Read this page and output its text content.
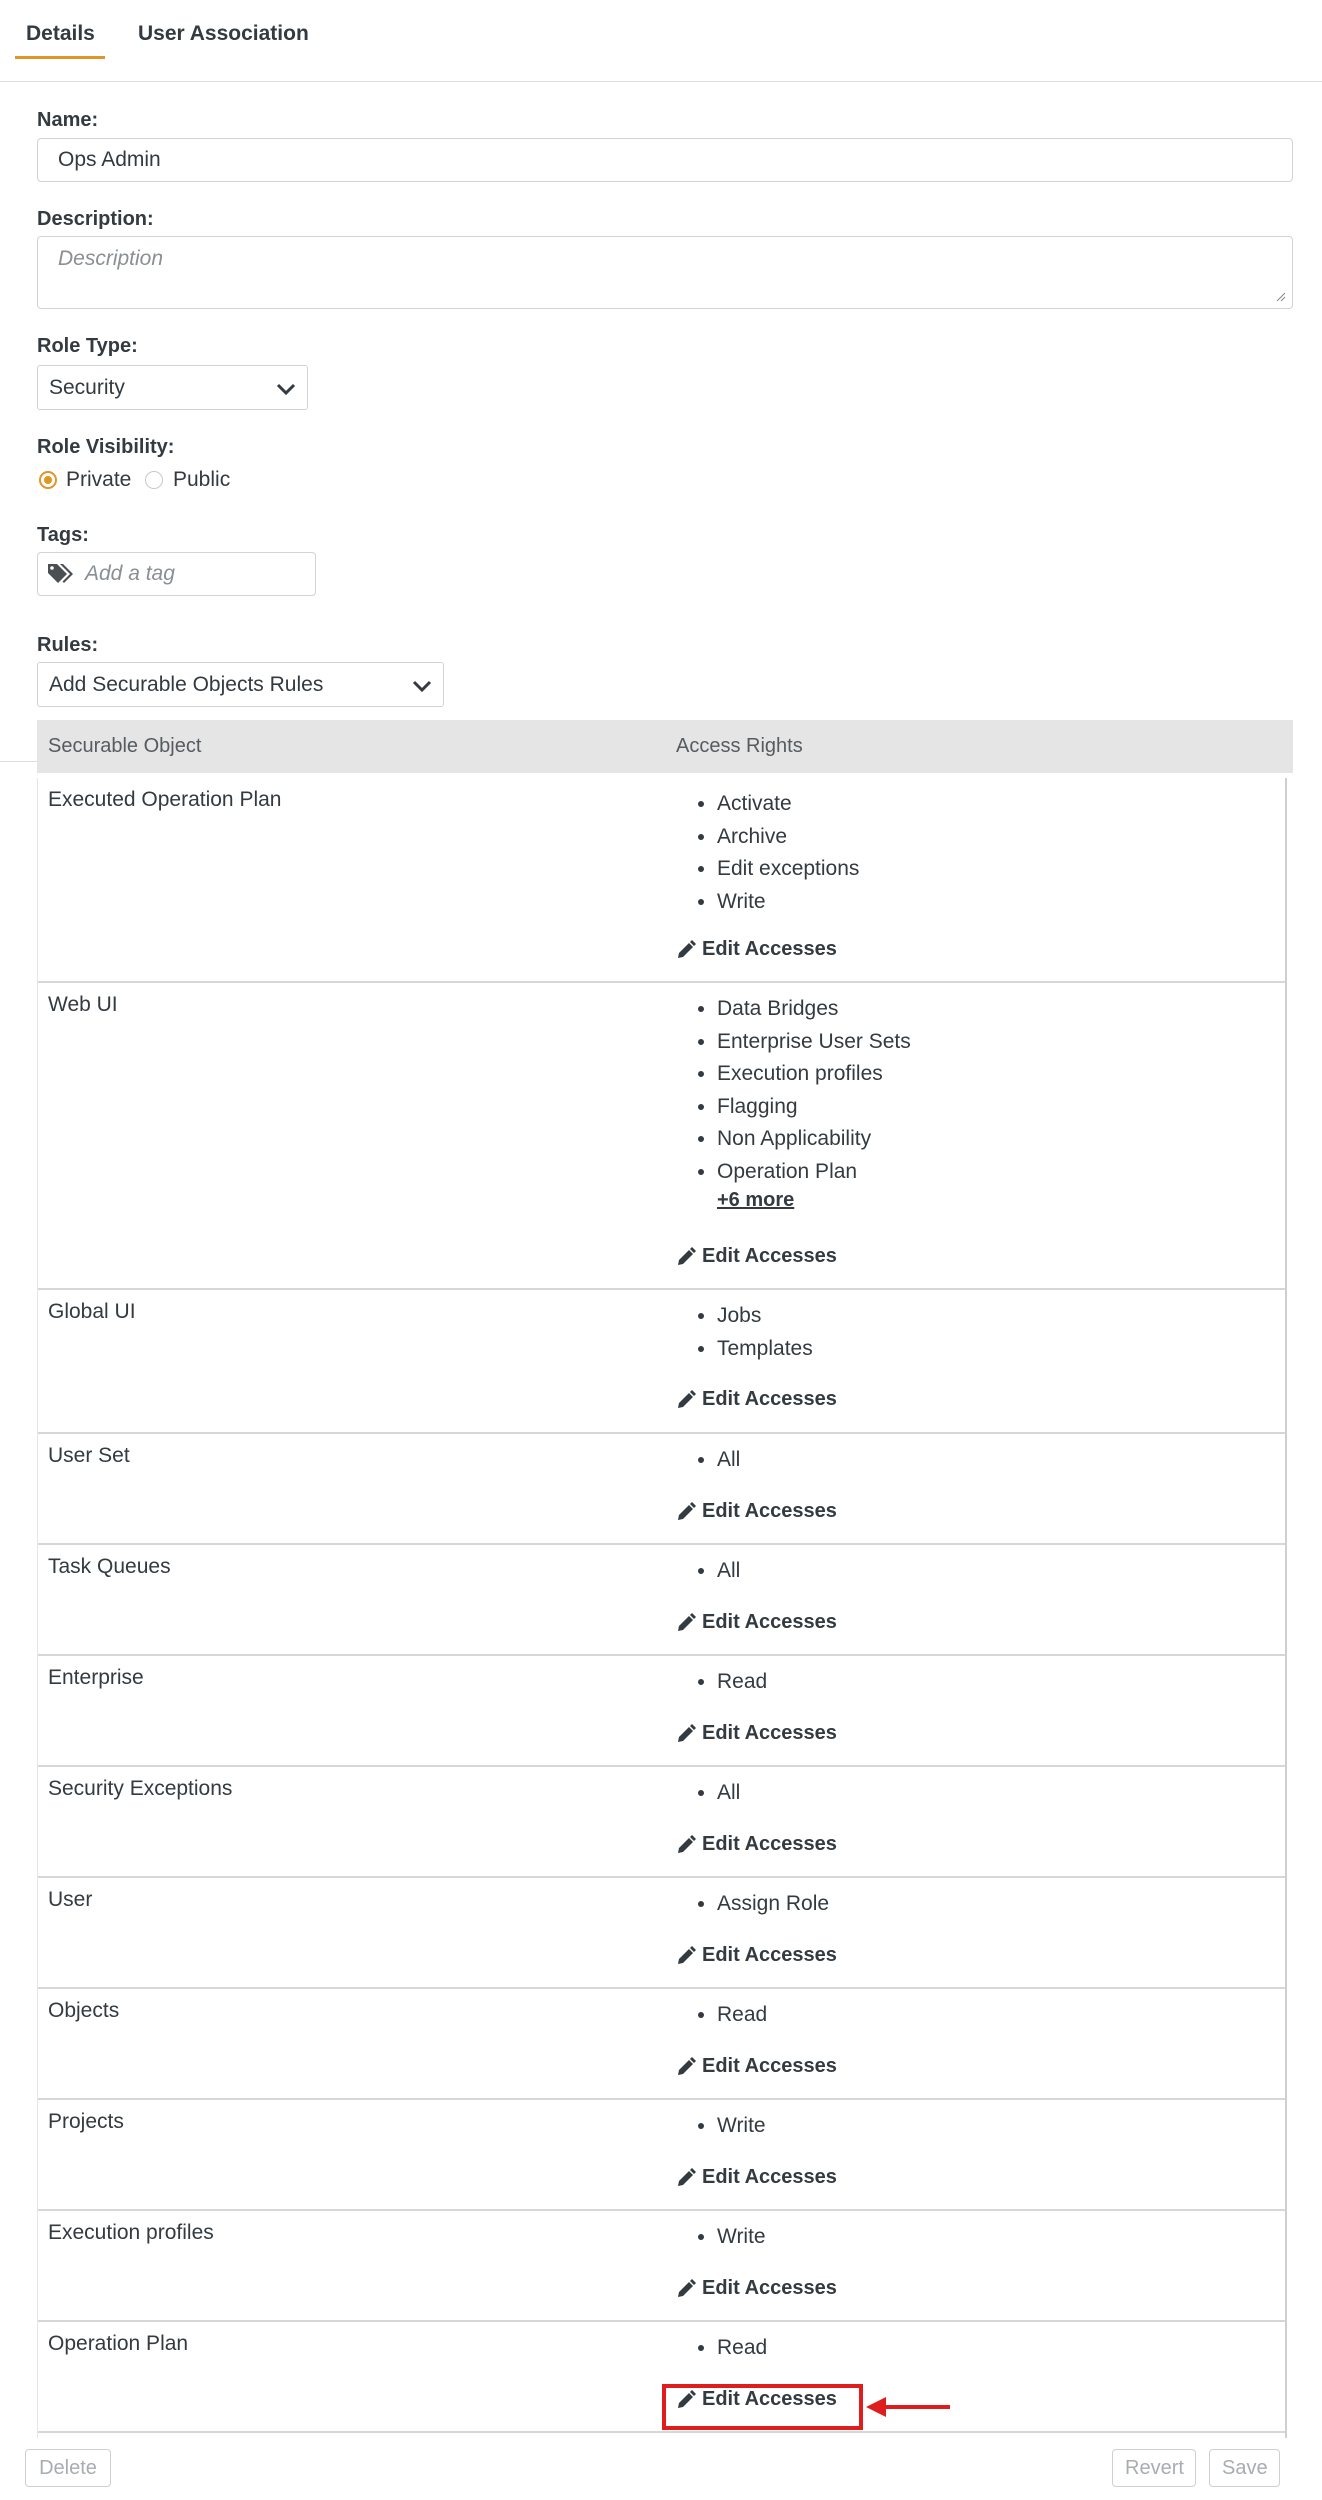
Details User Association
Name:
Ops Admin
Description:
Description
Role Type:
Security
Role Visibility:
Private Public
Tags:
Add a tag
Rules:
Add Securable Objects Rules
Securable Object	Access Rights
Executed Operation Plan	• Activate
• Archive
• Edit exceptions
• Write
Edit Accesses
Web UI	• Data Bridges
• Enterprise User Sets
• Execution profiles
• Flagging
• Non Applicability
• Operation Plan
+6 more
Edit Accesses
Global UI	• Jobs
• Templates
Edit Accesses
User Set	• All
Edit Accesses
Task Queues	• All
Edit Accesses
Enterprise	• Read
Edit Accesses
Security Exceptions	• All
Edit Accesses
User	• Assign Role
Edit Accesses
Objects	• Read
Edit Accesses
Projects	• Write
Edit Accesses
Execution profiles	• Write
Edit Accesses
Operation Plan	• Read
Edit Accesses
Delete	Revert	Save
